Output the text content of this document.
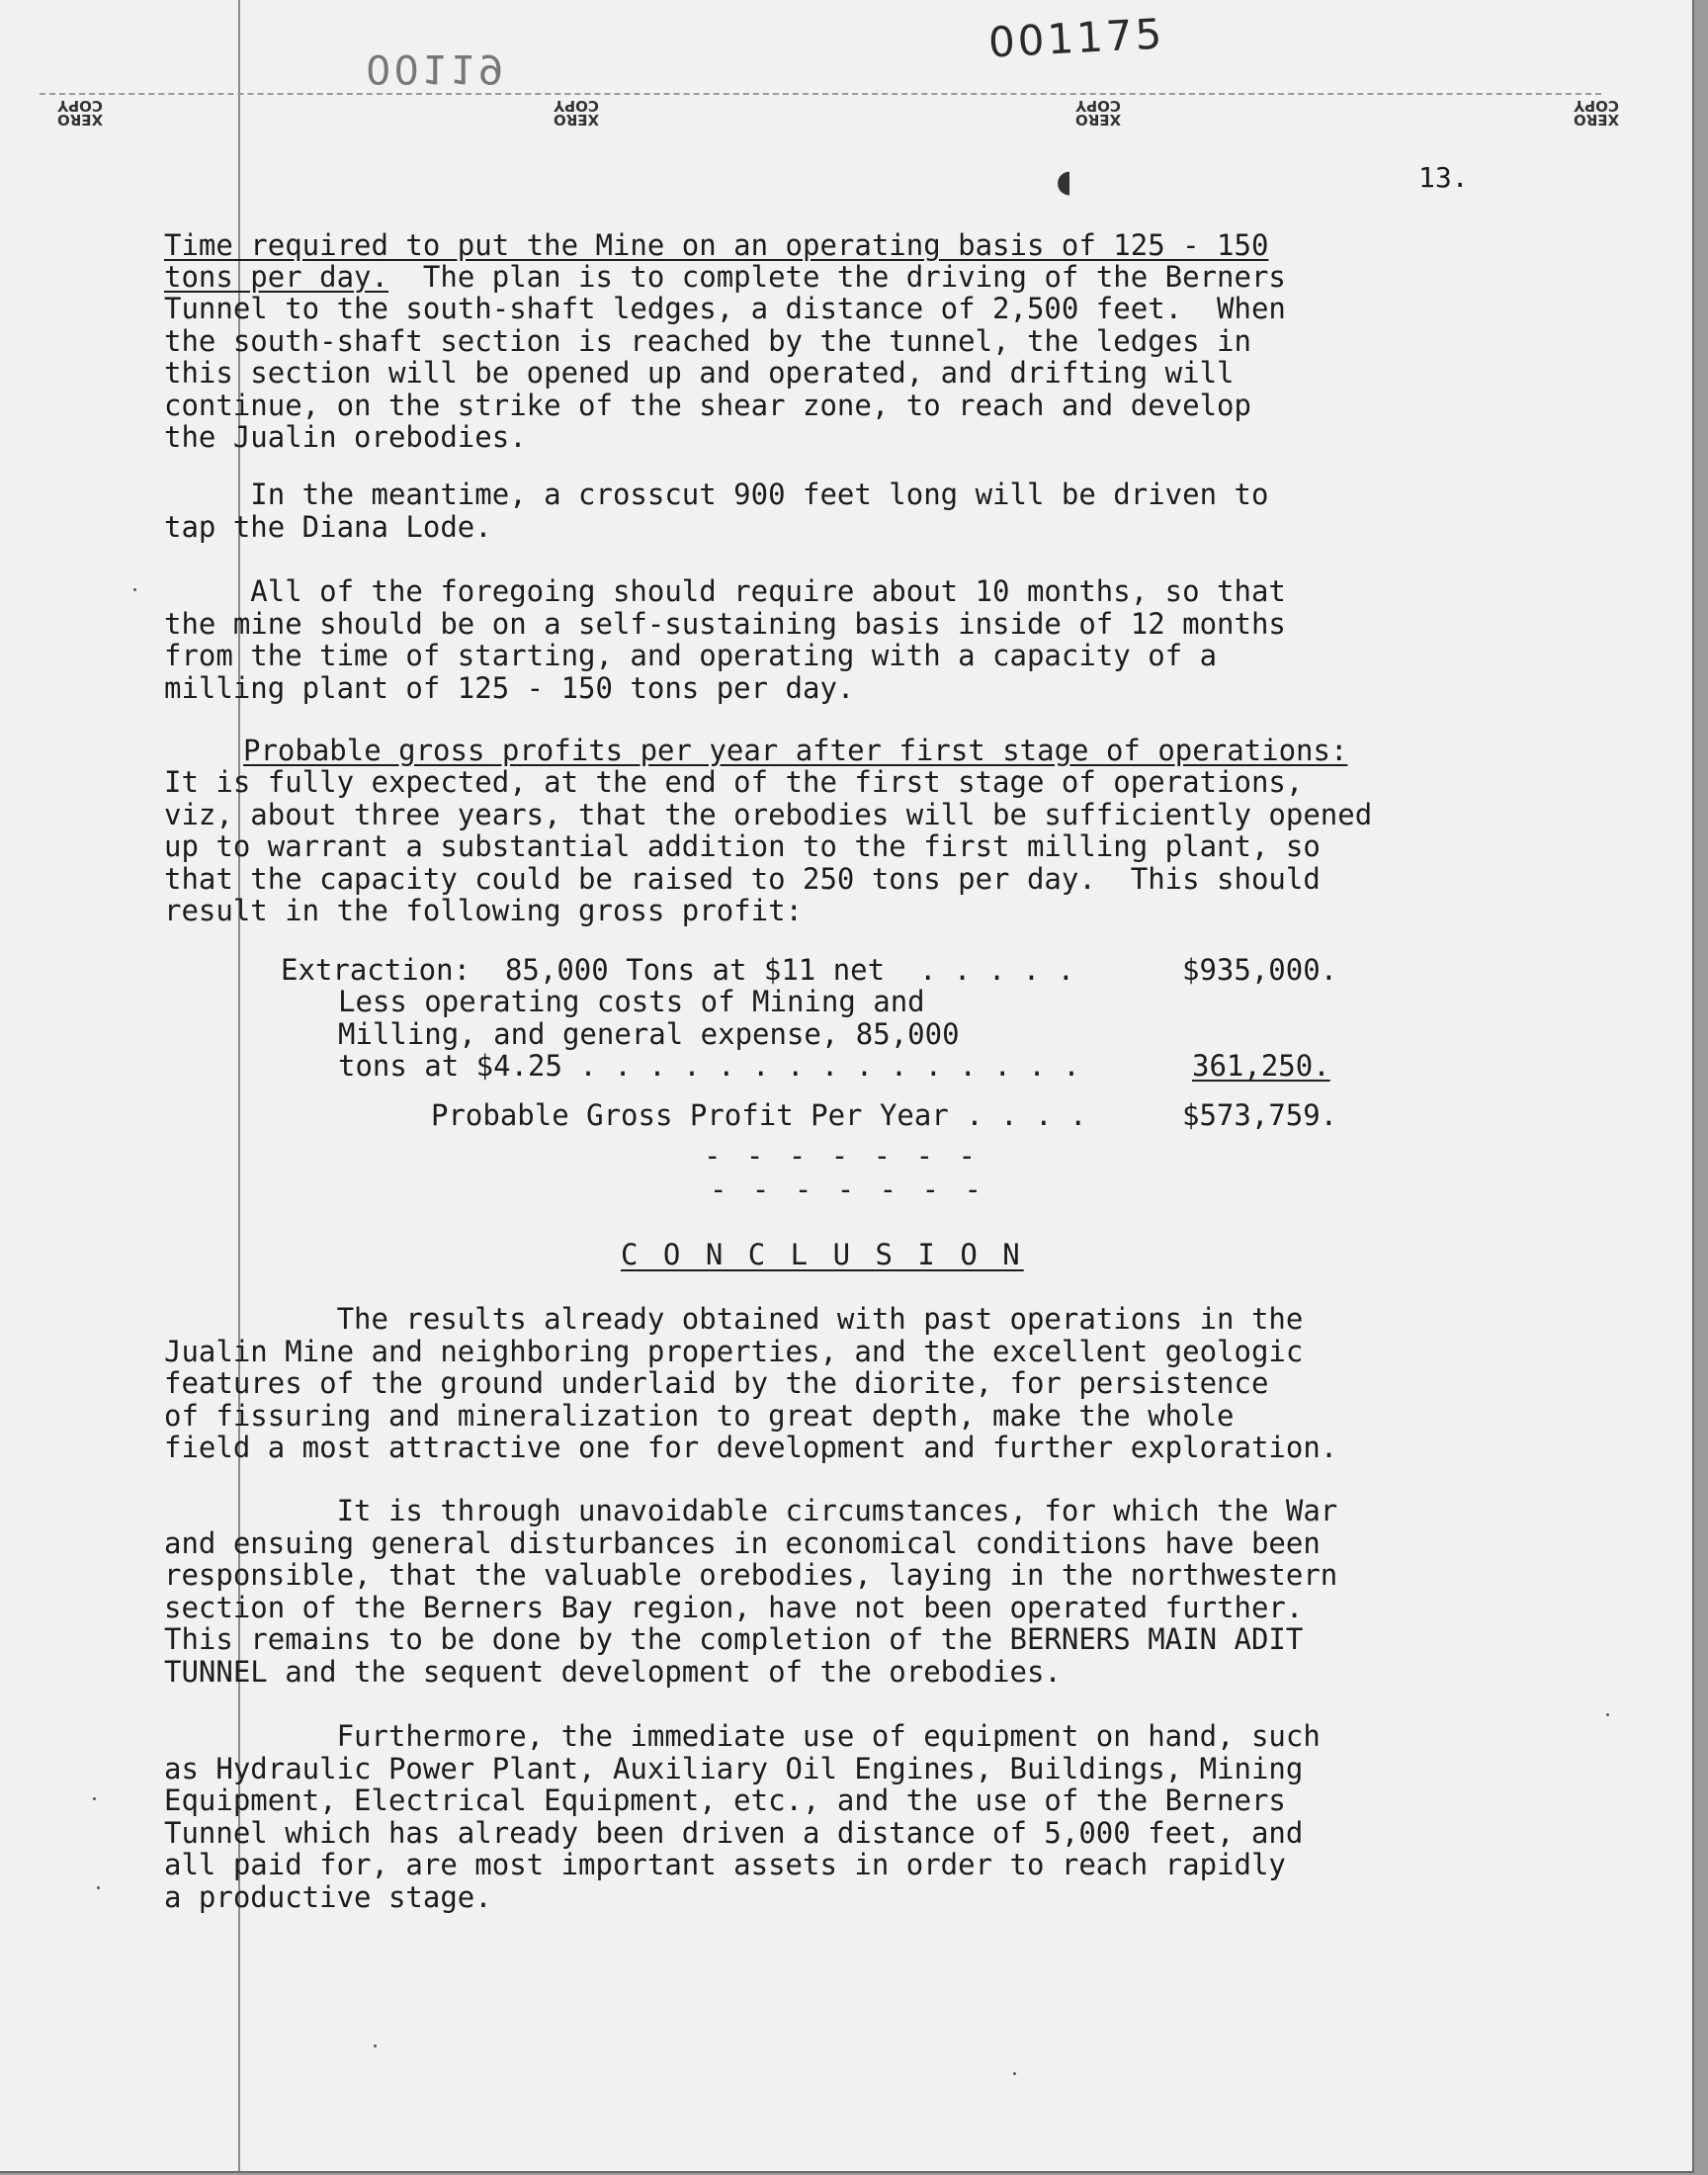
XERO
COPY
XERO
COPY
XERO
COPY
XERO
COPY
001175
00119
◖	13.
Time required to put the Mine on an operating basis of 125 - 150
tons per day.  The plan is to complete the driving of the Berners
Tunnel to the south-shaft ledges, a distance of 2,500 feet.  When
the south-shaft section is reached by the tunnel, the ledges in
this section will be opened up and operated, and drifting will
continue, on the strike of the shear zone, to reach and develop
the Jualin orebodies.
In the meantime, a crosscut 900 feet long will be driven to
tap the Diana Lode.
All of the foregoing should require about 10 months, so that
the mine should be on a self-sustaining basis inside of 12 months
from the time of starting, and operating with a capacity of a
milling plant of 125 - 150 tons per day.
Probable gross profits per year after first stage of operations:
It is fully expected, at the end of the first stage of operations,
viz, about three years, that the orebodies will be sufficiently opened
up to warrant a substantial addition to the first milling plant, so
that the capacity could be raised to 250 tons per day.  This should
result in the following gross profit:
Extraction:  85,000 Tons at $11 net  . . . . .	$935,000.
Less operating costs of Mining and
Milling, and general expense, 85,000
tons at $4.25 . . . . . . . . . . . . . . .	361,250.
Probable Gross Profit Per Year . . . .	$573,759.
- - - - - - -
- - - - - - -
C O N C L U S I O N
The results already obtained with past operations in the
Jualin Mine and neighboring properties, and the excellent geologic
features of the ground underlaid by the diorite, for persistence
of fissuring and mineralization to great depth, make the whole
field a most attractive one for development and further exploration.
It is through unavoidable circumstances, for which the War
and ensuing general disturbances in economical conditions have been
responsible, that the valuable orebodies, laying in the northwestern
section of the Berners Bay region, have not been operated further.
This remains to be done by the completion of the BERNERS MAIN ADIT
TUNNEL and the sequent development of the orebodies.
Furthermore, the immediate use of equipment on hand, such
as Hydraulic Power Plant, Auxiliary Oil Engines, Buildings, Mining
Equipment, Electrical Equipment, etc., and the use of the Berners
Tunnel which has already been driven a distance of 5,000 feet, and
all paid for, are most important assets in order to reach rapidly
a productive stage.
